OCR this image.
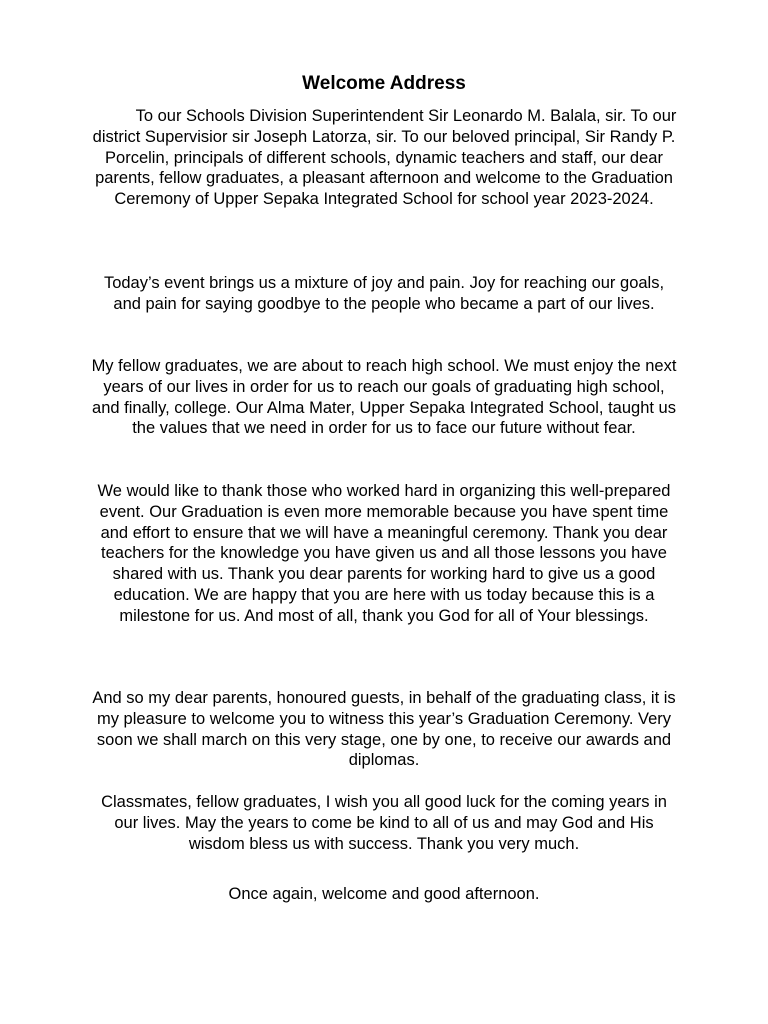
Welcome Address

To our Schools Division Superintendent Sir Leonardo M. Balala, sir. To our district Supervisior sir Joseph Latorza, sir. To our beloved principal, Sir Randy P. Porcelin, principals of different schools, dynamic teachers and staff, our dear parents, fellow graduates, a pleasant afternoon and welcome to the Graduation Ceremony of Upper Sepaka Integrated School for school year 2023-2024.

Today’s event brings us a mixture of joy and pain. Joy for reaching our goals, and pain for saying goodbye to the people who became a part of our lives.

My fellow graduates, we are about to reach high school. We must enjoy the next years of our lives in order for us to reach our goals of graduating high school, and finally, college. Our Alma Mater, Upper Sepaka Integrated School, taught us the values that we need in order for us to face our future without fear.

We would like to thank those who worked hard in organizing this well-prepared event. Our Graduation is even more memorable because you have spent time and effort to ensure that we will have a meaningful ceremony. Thank you dear teachers for the knowledge you have given us and all those lessons you have shared with us. Thank you dear parents for working hard to give us a good education. We are happy that you are here with us today because this is a milestone for us. And most of all, thank you God for all of Your blessings.

And so my dear parents, honoured guests, in behalf of the graduating class, it is my pleasure to welcome you to witness this year’s Graduation Ceremony. Very soon we shall march on this very stage, one by one, to receive our awards and diplomas.

Classmates, fellow graduates, I wish you all good luck for the coming years in our lives. May the years to come be kind to all of us and may God and His wisdom bless us with success. Thank you very much.

Once again, welcome and good afternoon.
